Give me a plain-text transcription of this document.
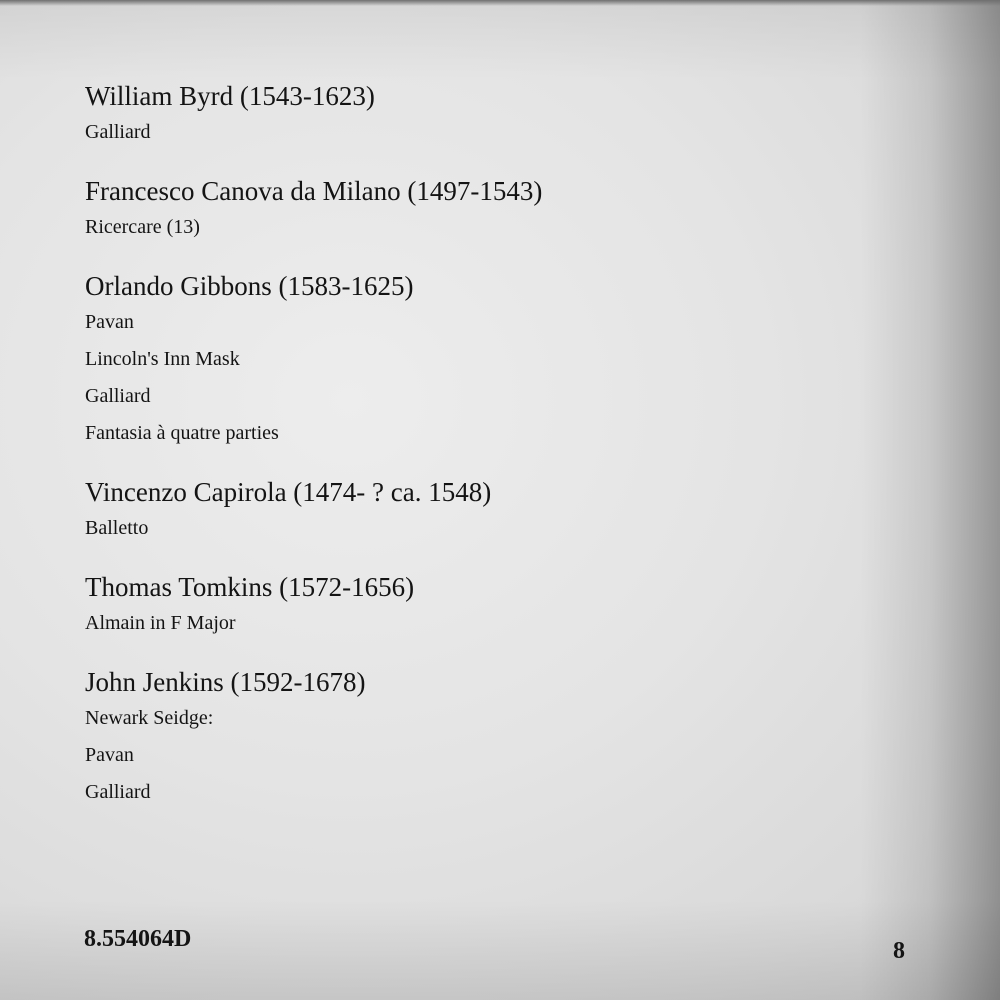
William Byrd (1543-1623)

Galliard

Francesco Canova da Milano (1497-1543)

Ricercare (13)

Orlando Gibbons (1583-1625)

Pavan

Lincoln's Inn Mask

Galliard

Fantasia à quatre parties

Vincenzo Capirola (1474- ? ca. 1548)

Balletto

Thomas Tomkins (1572-1656)

Almain in F Major

John Jenkins (1592-1678)

Newark Seidge:

Pavan

Galliard

8.554064D	8
